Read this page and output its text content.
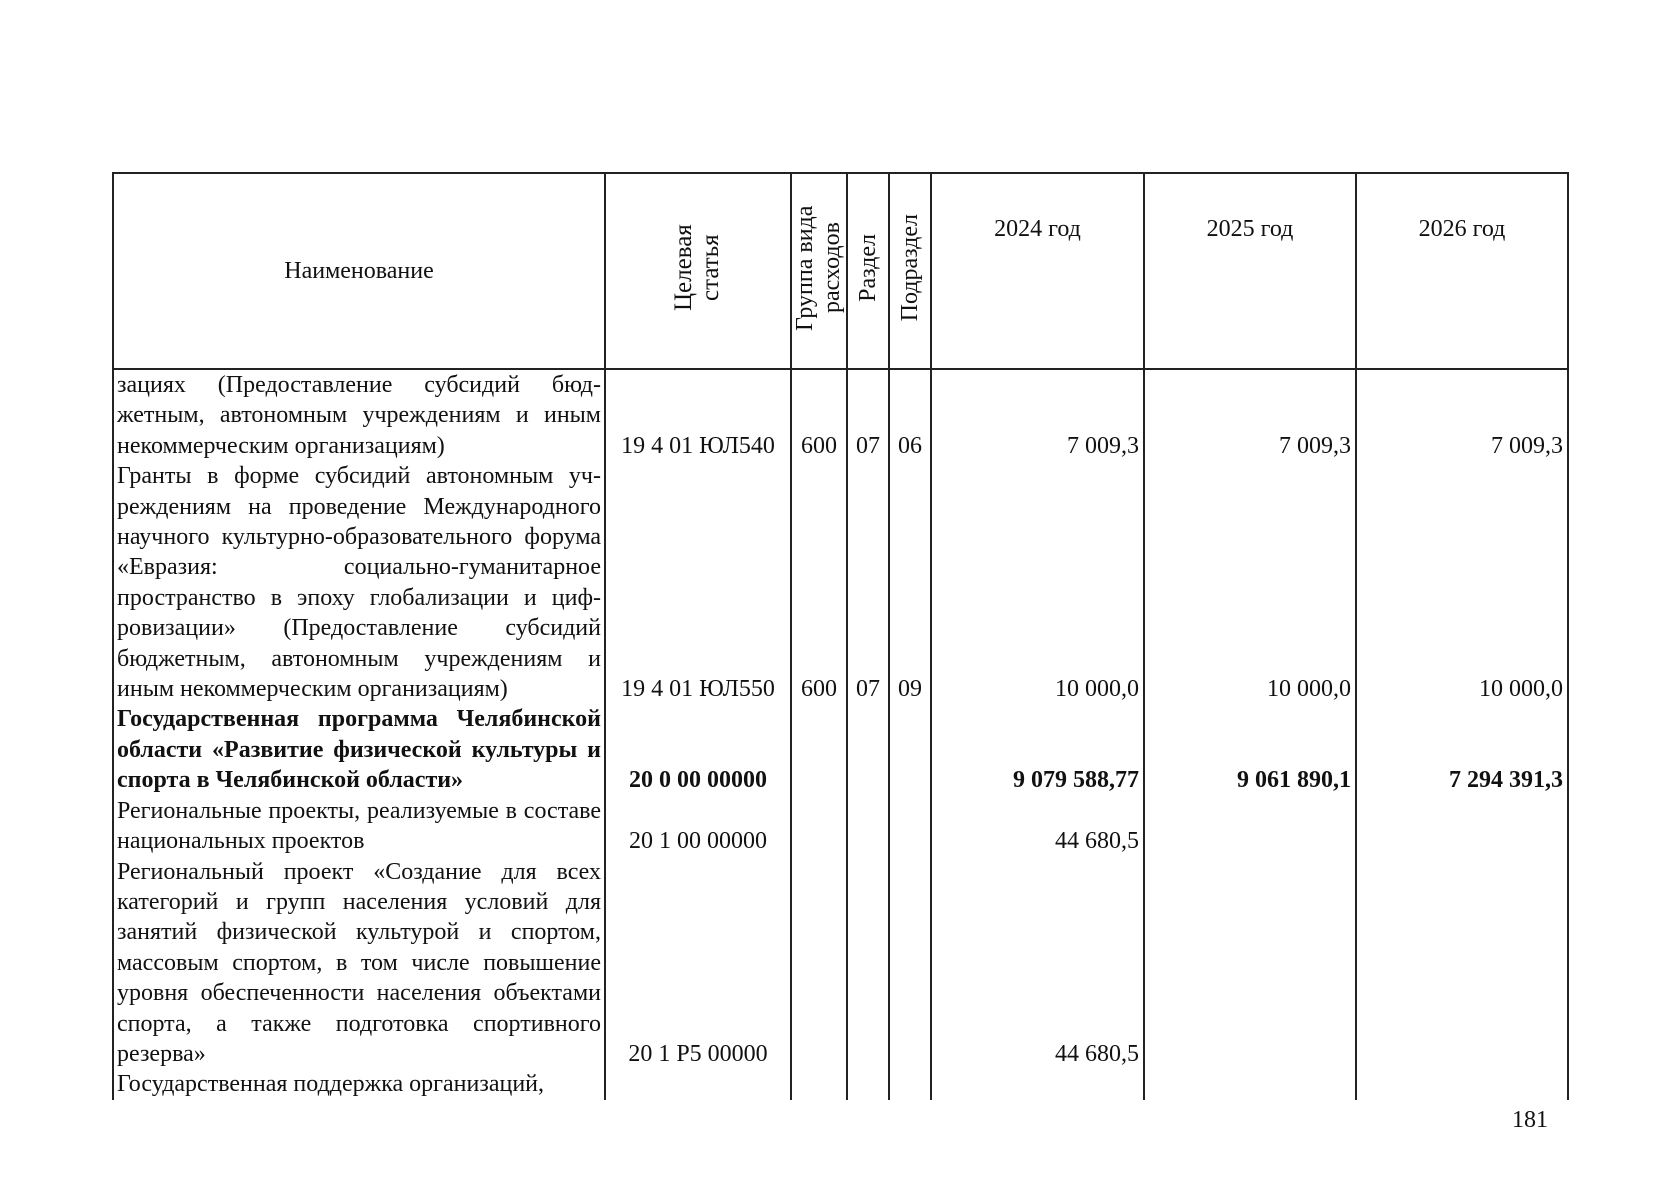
Наименование	Целевая статья	Группа вида расходов	Раздел	Подраздел	2024 год	2025 год	2026 год
зациях (Предоставление субсидий бюджетным, автономным учреждениям и иным некоммерческим организациям)	19 4 01 ЮЛ540	600	07	06	7 009,3	7 009,3	7 009,3
Гранты в форме субсидий автономным учреждениям на проведение Международного научного культурно-образовательного форума «Евразия: социально-гуманитарное пространство в эпоху глобализации и цифровизации» (Предоставление субсидий бюджетным, автономным учреждениям и иным некоммерческим организациям)	19 4 01 ЮЛ550	600	07	09	10 000,0	10 000,0	10 000,0
Государственная программа Челябинской области «Развитие физической культуры и спорта в Челябинской области»	20 0 00 00000				9 079 588,77	9 061 890,1	7 294 391,3
Региональные проекты, реализуемые в составе национальных проектов	20 1 00 00000				44 680,5		
Региональный проект «Создание для всех категорий и групп населения условий для занятий физической культурой и спортом, массовым спортом, в том числе повышение уровня обеспеченности населения объектами спорта, а также подготовка спортивного резерва»	20 1 P5 00000				44 680,5		
Государственная поддержка организаций,							
181
